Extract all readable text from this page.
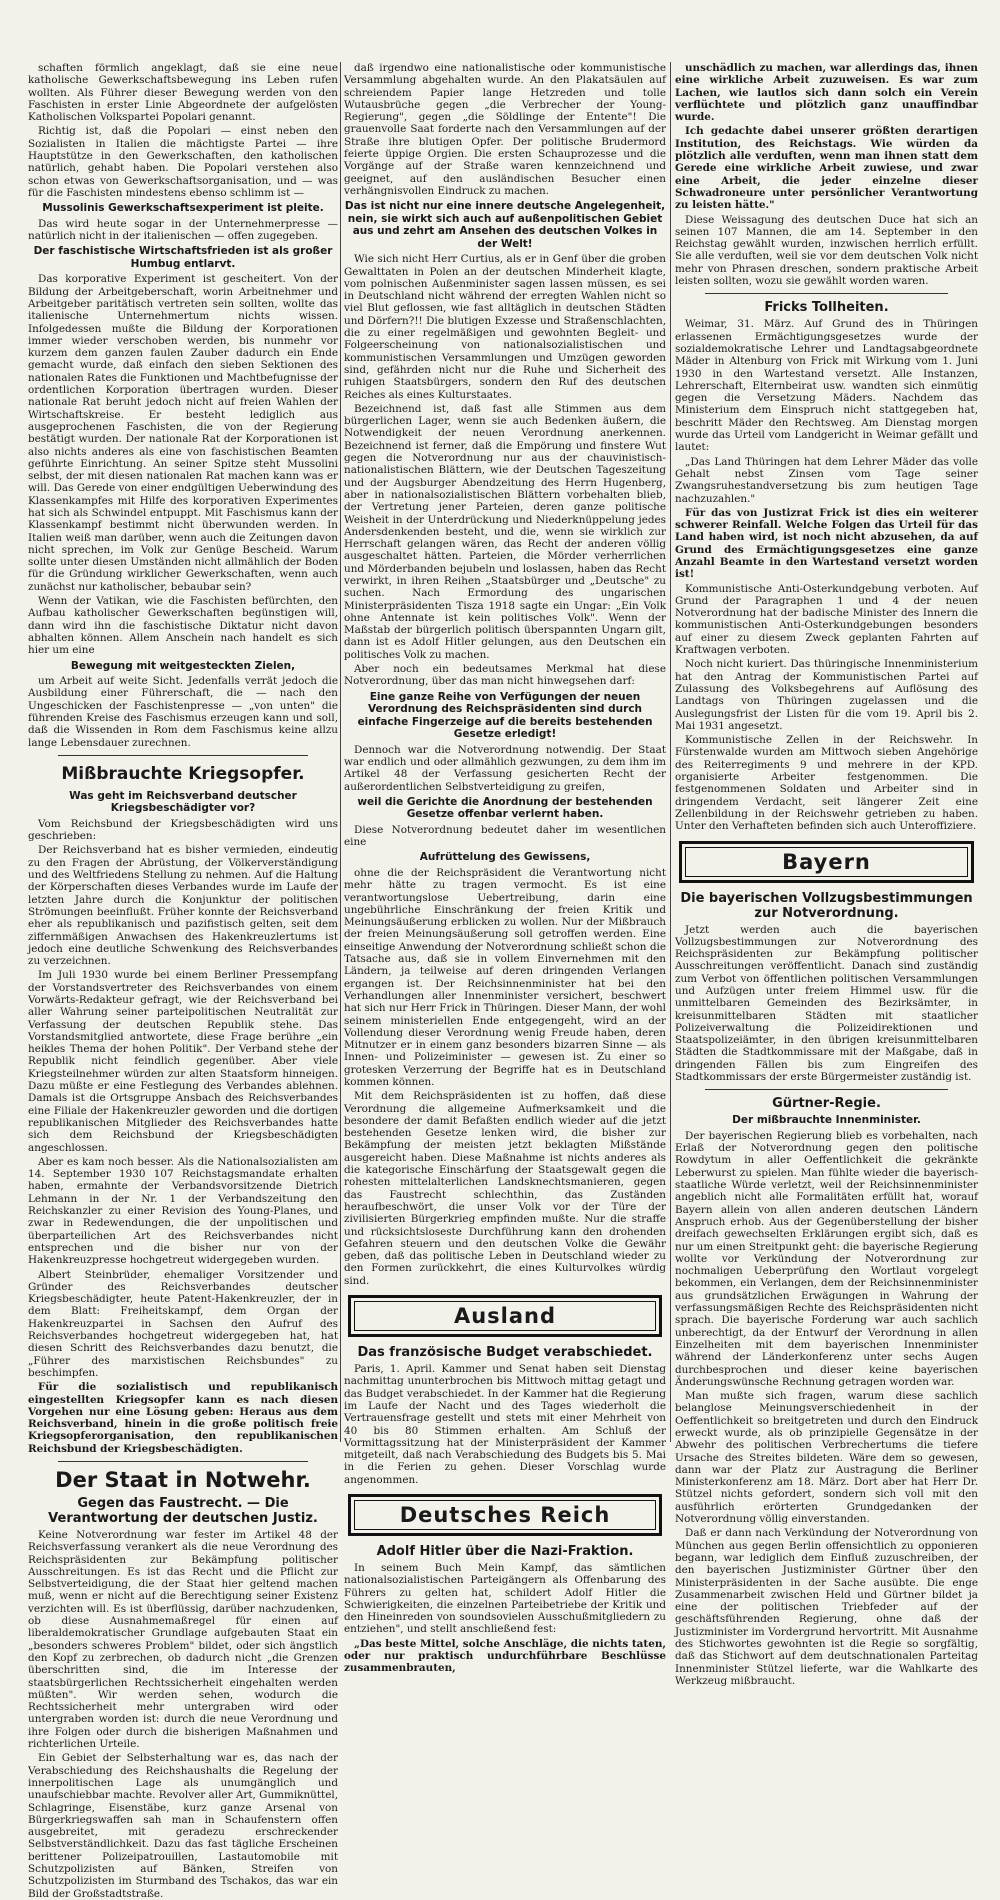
schaften förmlich angeklagt, daß sie eine neue katholische Gewerkschaftsbewegung ins Leben rufen wollten. Als Führer dieser Bewegung werden von den Faschisten in erster Linie Abgeordnete der aufgelösten Katholischen Volkspartei Popolari genannt.

Richtig ist, daß die Popolari — einst neben den Sozialisten in Italien die mächtigste Partei — ihre Hauptstütze in den Gewerkschaften, den katholischen natürlich, gehabt haben. Die Popolari verstehen also schon etwas von Gewerkschaftsorganisation, und — was für die Faschisten mindestens ebenso schlimm ist —

Mussolinis Gewerkschaftsexperiment ist pleite.

Das wird heute sogar in der Unternehmerpresse — natürlich nicht in der italienischen — offen zugegeben.

Der faschistische Wirtschaftsfrieden ist als großer Humbug entlarvt.

Das korporative Experiment ist gescheitert. Von der Bildung der Arbeitgeberschaft, worin Arbeitnehmer und Arbeitgeber paritätisch vertreten sein sollten, wollte das italienische Unternehmertum nichts wissen. Infolgedessen mußte die Bildung der Korporationen immer wieder verschoben werden, bis nunmehr vor kurzem dem ganzen faulen Zauber dadurch ein Ende gemacht wurde, daß einfach den sieben Sektionen des nationalen Rates die Funktionen und Machtbefugnisse der ordentlichen Korporation übertragen wurden. Dieser nationale Rat beruht jedoch nicht auf freien Wahlen der Wirtschaftskreise. Er besteht lediglich aus ausgeprochenen Faschisten, die von der Regierung bestätigt wurden. Der nationale Rat der Korporationen ist also nichts anderes als eine von faschistischen Beamten geführte Einrichtung. An seiner Spitze steht Mussolini selbst, der mit diesen nationalen Rat machen kann was er will. Das Gerede von einer endgültigen Ueberwindung des Klassenkampfes mit Hilfe des korporativen Experimentes hat sich als Schwindel entpuppt. Mit Faschismus kann der Klassenkampf bestimmt nicht überwunden werden. In Italien weiß man darüber, wenn auch die Zeitungen davon nicht sprechen, im Volk zur Genüge Bescheid. Warum sollte unter diesen Umständen nicht allmählich der Boden für die Gründung wirklicher Gewerkschaften, wenn auch zunächst nur katholischer, bebaubar sein?

Wenn der Vatikan, wie die Faschisten befürchten, den Aufbau katholischer Gewerkschaften begünstigen will, dann wird ihn die faschistische Diktatur nicht davon abhalten können. Allem Anschein nach handelt es sich hier um eine

Bewegung mit weitgesteckten Zielen,

um Arbeit auf weite Sicht. Jedenfalls verrät jedoch die Ausbildung einer Führerschaft, die — nach den Ungeschicken der Faschistenpresse — „von unten" die führenden Kreise des Faschismus erzeugen kann und soll, daß die Wissenden in Rom dem Faschismus keine allzu lange Lebensdauer zurechnen.

Mißbrauchte Kriegsopfer.
Was geht im Reichsverband deutscher Kriegsbeschädigter vor?

Vom Reichsbund der Kriegsbeschädigten wird uns geschrieben:

Der Reichsverband hat es bisher vermieden, eindeutig zu den Fragen der Abrüstung, der Völkerverständigung und des Weltfriedens Stellung zu nehmen. Auf die Haltung der Körperschaften dieses Verbandes wurde im Laufe der letzten Jahre durch die Konjunktur der politischen Strömungen beeinflußt. Früher konnte der Reichsverband eher als republikanisch und pazifistisch gelten, seit dem ziffernmäßigen Anwachsen des Hakenkreuzlertums ist jedoch eine deutliche Schwenkung des Reichsverbandes zu verzeichnen.

Im Juli 1930 wurde bei einem Berliner Pressempfang der Vorstandsvertreter des Reichsverbandes von einem Vorwärts-Redakteur gefragt, wie der Reichsverband bei aller Wahrung seiner parteipolitischen Neutralität zur Verfassung der deutschen Republik stehe. Das Vorstandsmitglied antwortete, diese Frage berühre „ein heikles Thema der hohen Politik". Der Verband stehe der Republik nicht feindlich gegenüber. Aber viele Kriegsteilnehmer würden zur alten Staatsform hinneigen. Dazu müßte er eine Festlegung des Verbandes ablehnen. Damals ist die Ortsgruppe Ansbach des Reichsverbandes eine Filiale der Hakenkreuzler geworden und die dortigen republikanischen Mitglieder des Reichsverbandes hatte sich dem Reichsbund der Kriegsbeschädigten angeschlossen.

Aber es kam noch besser. Als die Nationalsozialisten am 14. September 1930 107 Reichstagsmandate erhalten haben, ermahnte der Verbandsvorsitzende Dietrich Lehmann in der Nr. 1 der Verbandszeitung den Reichskanzler zu einer Revision des Young-Planes, und zwar in Redewendungen, die der unpolitischen und überparteilichen Art des Reichsverbandes nicht entsprechen und die bisher nur von der Hakenkreuzpresse hochgetreut widergegeben wurden.

Albert Steinbrüder, ehemaliger Vorsitzender und Gründer des Reichsverbandes deutscher Kriegsbeschädigter, heute Patent-Hakenkreuzler, der in dem Blatt: Freiheitskampf, dem Organ der Hakenkreuzpartei in Sachsen den Aufruf des Reichsverbandes hochgetreut widergegeben hat, hat diesen Schritt des Reichsverbandes dazu benutzt, die „Führer des marxistischen Reichsbundes" zu beschimpfen.

Für die sozialistisch und republikanisch eingestellten Kriegsopfer kann es nach diesen Vorgehen nur eine Lösung geben: Heraus aus dem Reichsverband, hinein in die große politisch freie Kriegsopferorganisation, den republikanischen Reichsbund der Kriegsbeschädigten.

Der Staat in Notwehr.
Gegen das Faustrecht. — Die Verantwortung der deutschen Justiz.

Keine Notverordnung war fester im Artikel 48 der Reichsverfassung verankert als die neue Verordnung des Reichspräsidenten zur Bekämpfung politischer Ausschreitungen. Es ist das Recht und die Pflicht zur Selbstverteidigung, die der Staat hier geltend machen muß, wenn er nicht auf die Berechtigung seiner Existenz verzichten will. Es ist überflüssig, darüber nachzudenken, ob diese Ausnahmemaßregel für einen auf liberaldemokratischer Grundlage aufgebauten Staat ein „besonders schweres Problem" bildet, oder sich ängstlich den Kopf zu zerbrechen, ob dadurch nicht „die Grenzen überschritten sind, die im Interesse der staatsbürgerlichen Rechtssicherheit eingehalten werden müßten". Wir werden sehen, wodurch die Rechtssicherheit mehr untergraben wird oder untergraben worden ist: durch die neue Verordnung und ihre Folgen oder durch die bisherigen Maßnahmen und richterlichen Urteile.

Ein Gebiet der Selbsterhaltung war es, das nach der Verabschiedung des Reichshaushalts die Regelung der innerpolitischen Lage als unumgänglich und unaufschiebbar machte. Revolver aller Art, Gummiknüttel, Schlagringe, Eisenstäbe, kurz ganze Arsenal von Bürgerkriegswaffen sah man in Schaufenstern offen ausgebreitet, mit geradezu erschreckender Selbstverständlichkeit. Dazu das fast tägliche Erscheinen berittener Polizeipatrouillen, Lastautomobile mit Schutzpolizisten auf Bänken, Streifen von Schutzpolizisten im Sturmband des Tschakos, das war ein Bild der Großstadtstraße.

daß irgendwo eine nationalistische oder kommunistische Versammlung abgehalten wurde. An den Plakatsäulen auf schreiendem Papier lange Hetzreden und tolle Wutausbrüche gegen „die Verbrecher der Young-Regierung", gegen „die Söldlinge der Entente"! Die grauenvolle Saat forderte nach den Versammlungen auf der Straße ihre blutigen Opfer. Der politische Brudermord feierte üppige Orgien. Die ersten Schauprozesse und die Vorgänge auf der Straße waren kennzeichnend und geeignet, auf den ausländischen Besucher einen verhängnisvollen Eindruck zu machen.

Das ist nicht nur eine innere deutsche Angelegenheit, nein, sie wirkt sich auch auf außenpolitischen Gebiet aus und zehrt am Ansehen des deutschen Volkes in der Welt!

Wie sich nicht Herr Curtius, als er in Genf über die groben Gewalttaten in Polen an der deutschen Minderheit klagte, vom polnischen Außenminister sagen lassen müssen, es sei in Deutschland nicht während der erregten Wahlen nicht so viel Blut geflossen, wie fast alltäglich in deutschen Städten und Dörfern?!! Die blutigen Exzesse und Straßenschlachten, die zu einer regelmäßigen und gewohnten Begleit- und Folgeerscheinung von nationalsozialistischen und kommunistischen Versammlungen und Umzügen geworden sind, gefährden nicht nur die Ruhe und Sicherheit des ruhigen Staatsbürgers, sondern den Ruf des deutschen Reiches als eines Kulturstaates.

Bezeichnend ist, daß fast alle Stimmen aus dem bürgerlichen Lager, wenn sie auch Bedenken äußern, die Notwendigkeit der neuen Verordnung anerkennen. Bezeichnend ist ferner, daß die Empörung und finstere Wut gegen die Notverordnung nur aus der chauvinistisch-nationalistischen Blättern, wie der Deutschen Tageszeitung und der Augsburger Abendzeitung des Herrn Hugenberg, aber in nationalsozialistischen Blättern vorbehalten blieb, der Vertretung jener Parteien, deren ganze politische Weisheit in der Unterdrückung und Niederknüppelung jedes Andersdenkenden besteht, und die, wenn sie wirklich zur Herrschaft gelangen wären, das Recht der anderen völlig ausgeschaltet hätten. Parteien, die Mörder verherrlichen und Mörderbanden bejubeln und loslassen, haben das Recht verwirkt, in ihren Reihen „Staatsbürger und „Deutsche" zu suchen. Nach Ermordung des ungarischen Ministerpräsidenten Tisza 1918 sagte ein Ungar: „Ein Volk ohne Antennate ist kein politisches Volk". Wenn der Maßstab der bürgerlich politisch überspannten Ungarn gilt, dann ist es Adolf Hitler gelungen, aus den Deutschen ein politisches Volk zu machen.

Aber noch ein bedeutsames Merkmal hat diese Notverordnung, über das man nicht hinwegsehen darf:

Eine ganze Reihe von Verfügungen der neuen Verordnung des Reichspräsidenten sind durch einfache Fingerzeige auf die bereits bestehenden Gesetze erledigt!

Dennoch war die Notverordnung notwendig. Der Staat war endlich und oder allmählich gezwungen, zu dem ihm im Artikel 48 der Verfassung gesicherten Recht der außerordentlichen Selbstverteidigung zu greifen,

weil die Gerichte die Anordnung der bestehenden Gesetze offenbar verlernt haben.

Diese Notverordnung bedeutet daher im wesentlichen eine

Aufrüttelung des Gewissens,

ohne die der Reichspräsident die Verantwortung nicht mehr hätte zu tragen vermocht. Es ist eine verantwortungslose Uebertreibung, darin eine ungebührliche Einschränkung der freien Kritik und Meinungsäußerung erblicken zu wollen. Nur der Mißbrauch der freien Meinungsäußerung soll getroffen werden. Eine einseitige Anwendung der Notverordnung schließt schon die Tatsache aus, daß sie in vollem Einvernehmen mit den Ländern, ja teilweise auf deren dringenden Verlangen ergangen ist. Der Reichsinnenminister hat bei den Verhandlungen aller Innenminister versichert, beschwert hat sich nur Herr Frick in Thüringen. Dieser Mann, der wohl seinem ministeriellen Ende entgegengeht, wird an der Vollendung dieser Verordnung wenig Freude haben, deren Mitnutzer er in einem ganz besonders bizarren Sinne — als Innen- und Polizeiminister — gewesen ist. Zu einer so grotesken Verzerrung der Begriffe hat es in Deutschland kommen können.

Mit dem Reichspräsidenten ist zu hoffen, daß diese Verordnung die allgemeine Aufmerksamkeit und die besondere der damit Befaßten endlich wieder auf die jetzt bestehenden Gesetze lenken wird, die bisher zur Bekämpfung der meisten jetzt beklagten Mißstände ausgereicht haben. Diese Maßnahme ist nichts anderes als die kategorische Einschärfung der Staatsgewalt gegen die rohesten mittelalterlichen Landsknechtsmanieren, gegen das Faustrecht schlechthin, das Zuständen heraufbeschwört, die unser Volk vor der Türe der zivilisierten Bürgerkrieg empfinden mußte. Nur die straffe und rücksichtsloseste Durchführung kann den drohenden Gefahren steuern und den deutschen Volke die Gewähr geben, daß das politische Leben in Deutschland wieder zu den Formen zurückkehrt, die eines Kulturvolkes würdig sind.

Ausland
Das französische Budget verabschiedet.

Paris, 1. April. Kammer und Senat haben seit Dienstag nachmittag ununterbrochen bis Mittwoch mittag getagt und das Budget verabschiedet. In der Kammer hat die Regierung im Laufe der Nacht und des Tages wiederholt die Vertrauensfrage gestellt und stets mit einer Mehrheit von 40 bis 80 Stimmen erhalten. Am Schluß der Vormittagssitzung hat der Ministerpräsident der Kammer mitgeteilt, daß nach Verabschiedung des Budgets bis 5. Mai in die Ferien zu gehen. Dieser Vorschlag wurde angenommen.

Deutsches Reich
Adolf Hitler über die Nazi-Fraktion.

In seinem Buch Mein Kampf, das sämtlichen nationalsozialistischen Parteigängern als Offenbarung des Führers zu gelten hat, schildert Adolf Hitler die Schwierigkeiten, die einzelnen Parteibetriebe der Kritik und den Hineinreden von soundsovielen Ausschußmitgliedern zu entziehen", und stellt anschließend fest:

„Das beste Mittel, solche Anschläge, die nichts taten, oder nur praktisch undurchführbare Beschlüsse zusammenbrauten,

unschädlich zu machen, war allerdings das, ihnen eine wirkliche Arbeit zuzuweisen. Es war zum Lachen, wie lautlos sich dann solch ein Verein verflüchtete und plötzlich ganz unauffindbar wurde.

Ich gedachte dabei unserer größten derartigen Institution, des Reichstags. Wie würden da plötzlich alle verduften, wenn man ihnen statt dem Gerede eine wirkliche Arbeit zuwiese, und zwar eine Arbeit, die jeder einzelne dieser Schwadroneure unter persönlicher Verantwortung zu leisten hätte."

Diese Weissagung des deutschen Duce hat sich an seinen 107 Mannen, die am 14. September in den Reichstag gewählt wurden, inzwischen herrlich erfüllt. Sie alle verduften, weil sie vor dem deutschen Volk nicht mehr von Phrasen dreschen, sondern praktische Arbeit leisten sollten, wozu sie gewählt worden waren.

Fricks Tollheiten.

Weimar, 31. März. Auf Grund des in Thüringen erlassenen Ermächtigungsgesetzes wurde der sozialdemokratische Lehrer und Landtagsabgeordnete Mäder in Altenburg von Frick mit Wirkung vom 1. Juni 1930 in den Wartestand versetzt. Alle Instanzen, Lehrerschaft, Elternbeirat usw. wandten sich einmütig gegen die Versetzung Mäders. Nachdem das Ministerium dem Einspruch nicht stattgegeben hat, beschritt Mäder den Rechtsweg. Am Dienstag morgen wurde das Urteil vom Landgericht in Weimar gefällt und lautet:

„Das Land Thüringen hat dem Lehrer Mäder das volle Gehalt nebst Zinsen vom Tage seiner Zwangsruhestandversetzung bis zum heutigen Tage nachzuzahlen."

Für das von Justizrat Frick ist dies ein weiterer schwerer Reinfall. Welche Folgen das Urteil für das Land haben wird, ist noch nicht abzusehen, da auf Grund des Ermächtigungsgesetzes eine ganze Anzahl Beamte in den Wartestand versetzt worden ist!

Kommunistische Anti-Osterkundgebung verboten. Auf Grund der Paragraphen 1 und 4 der neuen Notverordnung hat der badische Minister des Innern die kommunistischen Anti-Osterkundgebungen besonders auf einer zu diesem Zweck geplanten Fahrten auf Kraftwagen verboten.

Noch nicht kuriert. Das thüringische Innenministerium hat den Antrag der Kommunistischen Partei auf Zulassung des Volksbegehrens auf Auflösung des Landtags von Thüringen zugelassen und die Auslegungsfrist der Listen für die vom 19. April bis 2. Mai 1931 angesetzt.

Kommunistische Zellen in der Reichswehr. In Fürstenwalde wurden am Mittwoch sieben Angehörige des Reiterregiments 9 und mehrere in der KPD. organisierte Arbeiter festgenommen. Die festgenommenen Soldaten und Arbeiter sind in dringendem Verdacht, seit längerer Zeit eine Zellenbildung in der Reichswehr getrieben zu haben. Unter den Verhafteten befinden sich auch Unteroffiziere.

Bayern
Die bayerischen Vollzugsbestimmungen zur Notverordnung.

Jetzt werden auch die bayerischen Vollzugsbestimmungen zur Notverordnung des Reichspräsidenten zur Bekämpfung politischer Ausschreitungen veröffentlicht. Danach sind zuständig zum Verbot von öffentlichen politischen Versammlungen und Aufzügen unter freiem Himmel usw. für die unmittelbaren Gemeinden des Bezirksämter, in kreisunmittelbaren Städten mit staatlicher Polizeiverwaltung die Polizeidirektionen und Staatspolizeiämter, in den übrigen kreisunmittelbaren Städten die Stadtkommissare mit der Maßgabe, daß in dringenden Fällen bis zum Eingreifen des Stadtkommissars der erste Bürgermeister zuständig ist.

Gürtner-Regie.
Der mißbrauchte Innenminister.

Der bayerischen Regierung blieb es vorbehalten, nach Erlaß der Notverordnung gegen den politische Rowdytum in aller Oeffentlichkeit die gekränkte Leberwurst zu spielen. Man fühlte wieder die bayerisch-staatliche Würde verletzt, weil der Reichsinnenminister angeblich nicht alle Formalitäten erfüllt hat, worauf Bayern allein von allen anderen deutschen Ländern Anspruch erhob. Aus der Gegenüberstellung der bisher dreifach gewechselten Erklärungen ergibt sich, daß es nur um einen Streitpunkt geht: die bayerische Regierung wollte vor Verkündung der Notverordnung zur nochmaligen Ueberprüfung den Wortlaut vorgelegt bekommen, ein Verlangen, dem der Reichsinnenminister aus grundsätzlichen Erwägungen in Wahrung der verfassungsmäßigen Rechte des Reichspräsidenten nicht sprach. Die bayerische Forderung war auch sachlich unberechtigt, da der Entwurf der Verordnung in allen Einzelheiten mit dem bayerischen Innenminister während der Länderkonferenz unter sechs Augen durchbesprochen und dieser keine bayerischen Änderungswünsche Rechnung getragen worden war.

Man mußte sich fragen, warum diese sachlich belanglose Meinungsverschiedenheit in der Oeffentlichkeit so breitgetreten und durch den Eindruck erweckt wurde, als ob prinzipielle Gegensätze in der Abwehr des politischen Verbrechertums die tiefere Ursache des Streites bildeten. Wäre dem so gewesen, dann war der Platz zur Austragung die Berliner Ministerkonferenz am 18. März. Dort aber hat Herr Dr. Stützel nichts gefordert, sondern sich voll mit den ausführlich erörterten Grundgedanken der Notverordnung völlig einverstanden.

Daß er dann nach Verkündung der Notverordnung von München aus gegen Berlin offensichtlich zu opponieren begann, war lediglich dem Einfluß zuzuschreiben, der den bayerischen Justizminister Gürtner über den Ministerpräsidenten in der Sache ausübte. Die enge Zusammenarbeit zwischen Held und Gürtner bildet ja eine der politischen Triebfeder auf der geschäftsführenden Regierung, ohne daß der Justizminister im Vordergrund hervortritt. Mit Ausnahme des Stichwortes gewohnten ist die Regie so sorgfältig, daß das Stichwort auf dem deutschnationalen Parteitag Innenminister Stützel lieferte, war die Wahlkarte des Werkzeug mißbraucht.
